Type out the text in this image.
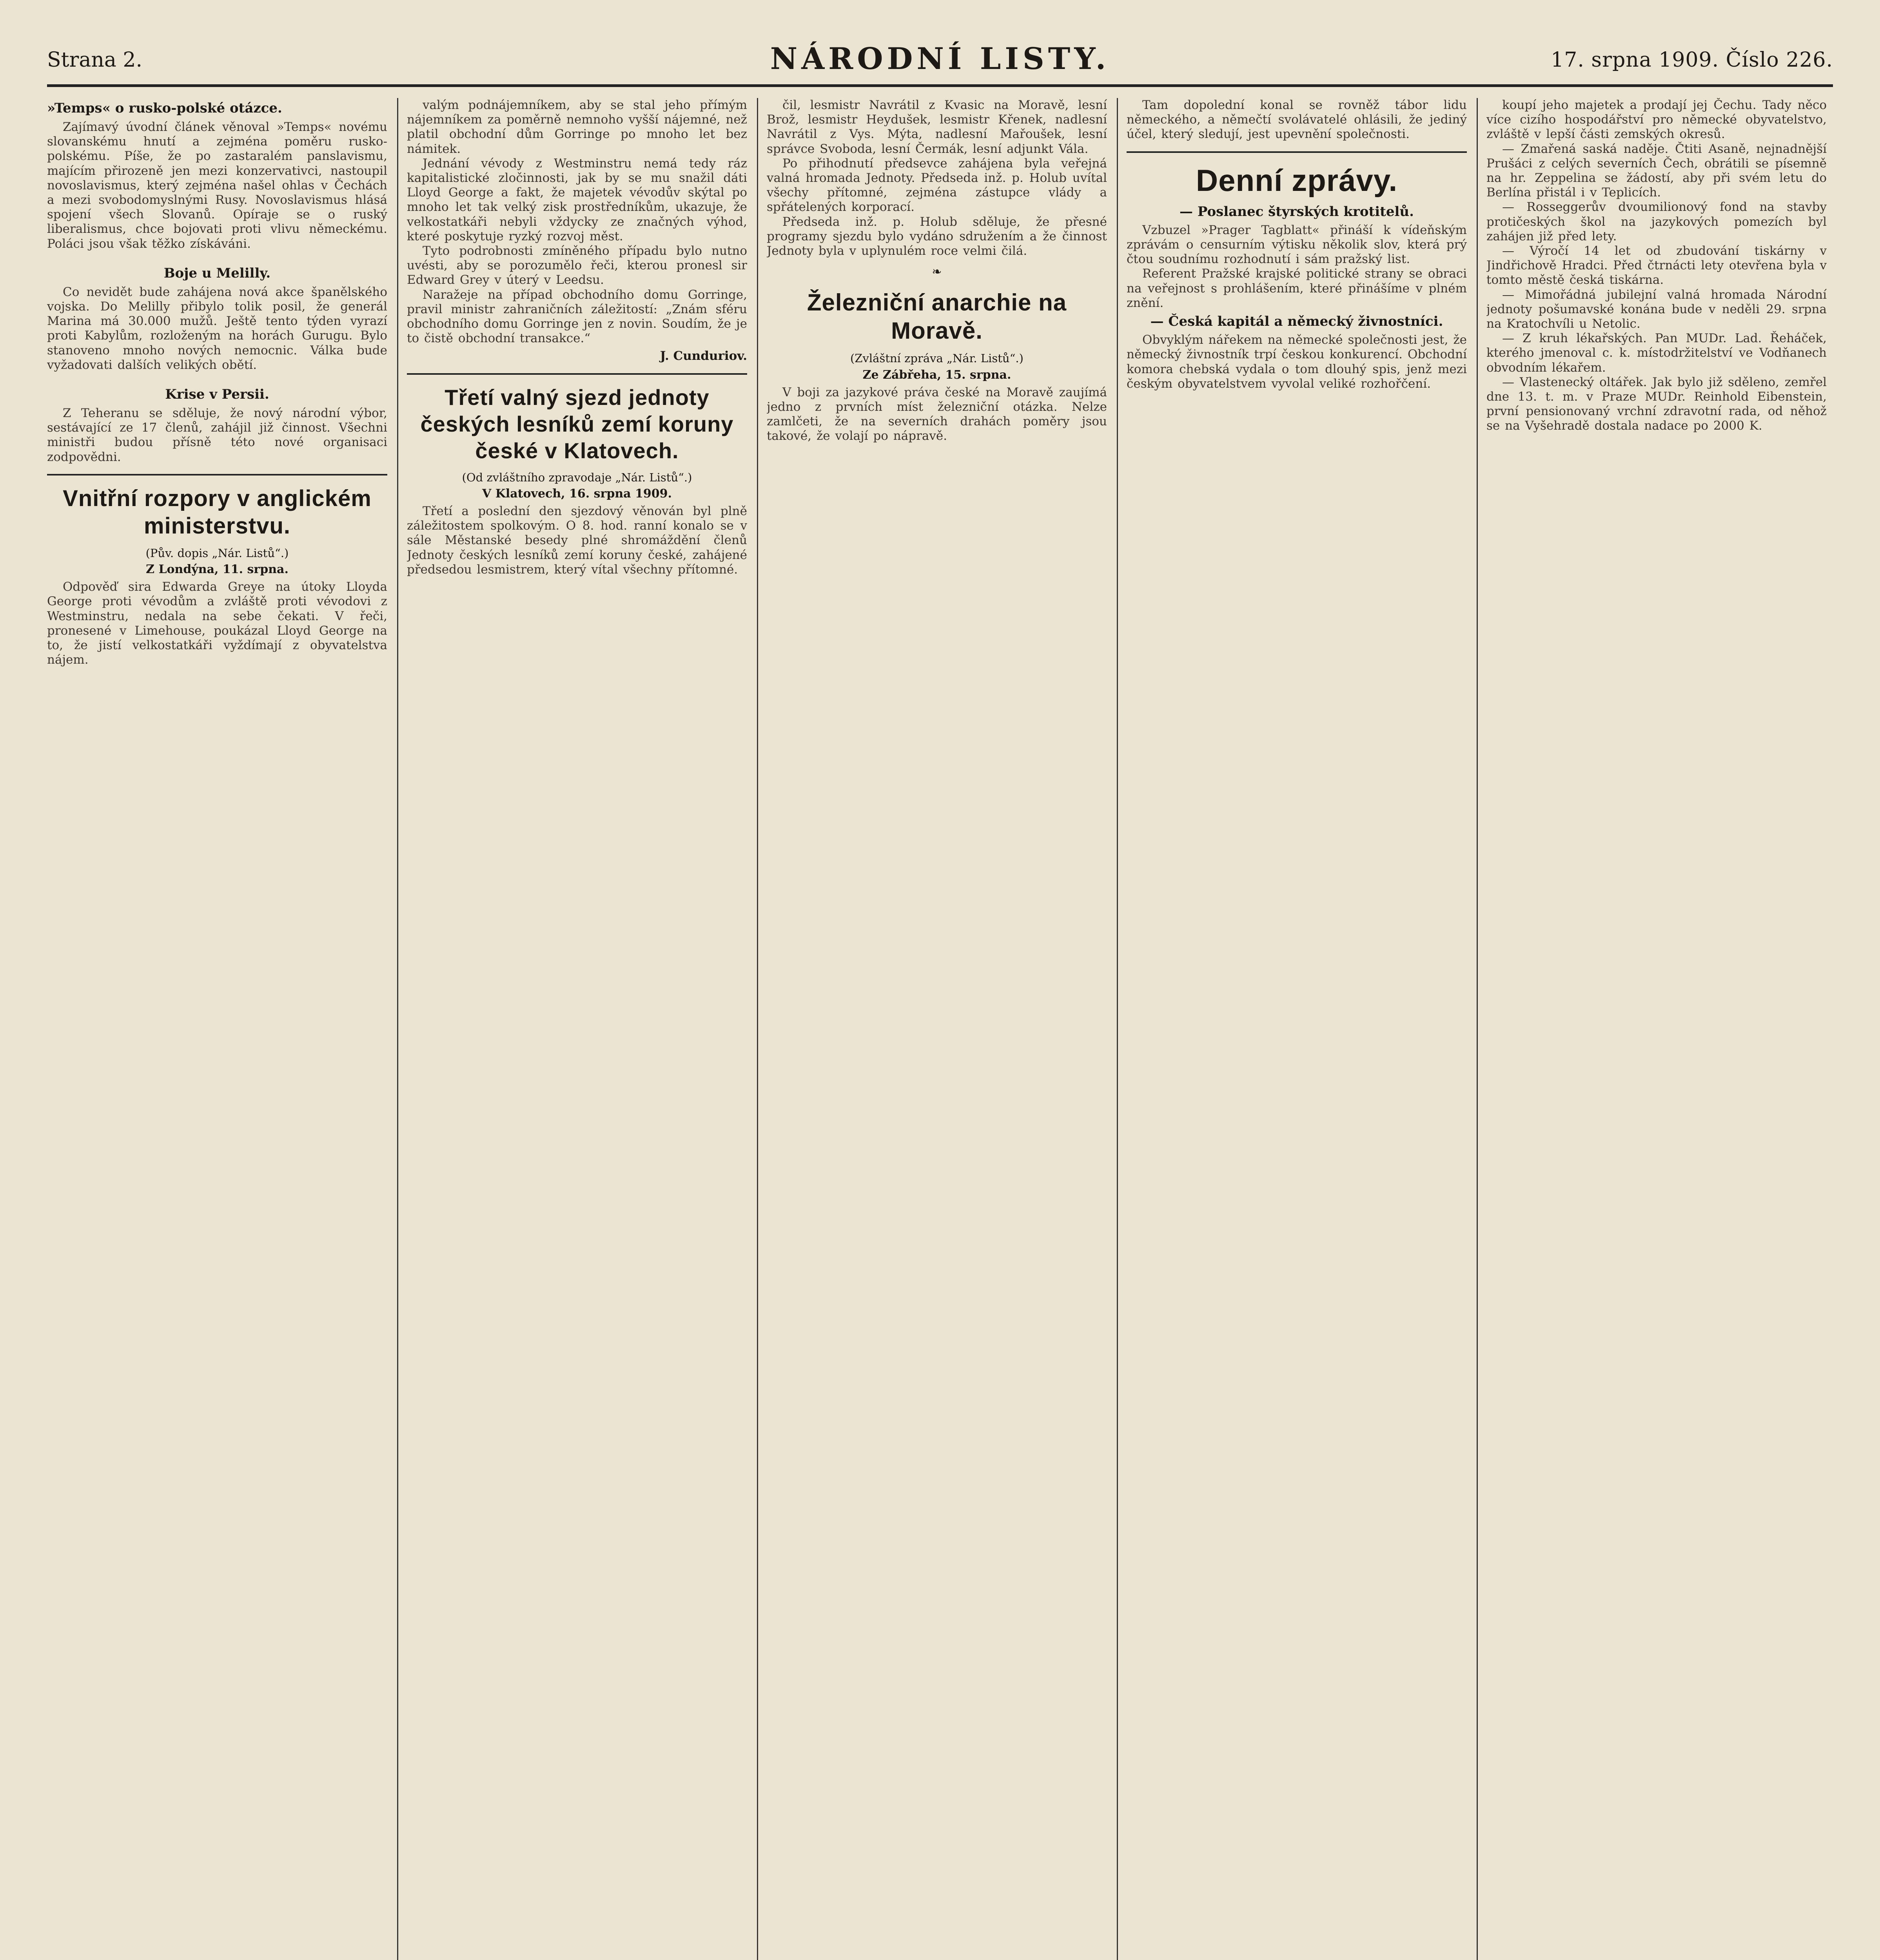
Strana 2.	NÁRODNÍ LISTY.	17. srpna 1909. Číslo 226.
»Temps« o rusko-polské otázce.

Zajímavý úvodní článek věnoval »Temps« novému slovanskému hnutí a zejména poměru rusko-polskému. Píše, že po zastaralém panslavismu, majícím přirozeně jen mezi konzervativci, nastoupil novoslavismus, který zejména našel ohlas v Čechách a mezi svobodomyslnými Rusy. Novoslavismus hlásá spojení všech Slovanů. Opíraje se o ruský liberalismus, chce bojovati proti vlivu německému. Poláci jsou však těžko získáváni.

Boje u Melilly.

Co nevidět bude zahájena nová akce španělského vojska. Do Melilly přibylo tolik posil, že generál Marina má 30.000 mužů. Ještě tento týden vyrazí proti Kabylům, rozloženým na horách Gurugu. Bylo stanoveno mnoho nových nemocnic. Válka bude vyžadovati dalších velikých obětí.

Krise v Persii.

Z Teheranu se sděluje, že nový národní výbor, sestávající ze 17 členů, zahájil již činnost. Všechni ministři budou přísně této nové organisaci zodpovědni.

Vnitřní rozpory v anglickém ministerstvu.
(Pův. dopis „Nár. Listů“.)
Z Londýna, 11. srpna.

Odpověď sira Edwarda Greye na útoky Lloyda George proti vévodům a zvláště proti vévodovi z Westminstru, nedala na sebe čekati. V řeči, pronesené v Limehouse, poukázal Lloyd George na to, že jistí velkostatkáři vyždímají z obyvatelstva nájem.

valým podnájemníkem, aby se stal jeho přímým nájemníkem za poměrně nemnoho vyšší nájemné, než platil obchodní dům Gorringe po mnoho let bez námitek.

Jednání vévody z Westminstru nemá tedy ráz kapitalistické zločinnosti, jak by se mu snažil dáti Lloyd George a fakt, že majetek vévodův skýtal po mnoho let tak velký zisk prostředníkům, ukazuje, že velkostatkáři nebyli vždycky ze značných výhod, které poskytuje ryzký rozvoj měst.

Tyto podrobnosti zmíněného případu bylo nutno uvésti, aby se porozumělo řeči, kterou pronesl sir Edward Grey v úterý v Leedsu.

Naražeje na případ obchodního domu Gorringe, pravil ministr zahraničních záležitostí: „Znám sféru obchodního domu Gorringe jen z novin. Soudím, že je to čistě obchodní transakce.“

J. Cunduriov.
Třetí valný sjezd jednoty českých lesníků zemí koruny české v Klatovech.
(Od zvláštního zpravodaje „Nár. Listů“.)
V Klatovech, 16. srpna 1909.

Třetí a poslední den sjezdový věnován byl plně záležitostem spolkovým. O 8. hod. ranní konalo se v sále Městanské besedy plné shromáždění členů Jednoty českých lesníků zemí koruny české, zahájené předsedou lesmistrem, který vítal všechny přítomné.

čil, lesmistr Navrátil z Kvasic na Moravě, lesní Brož, lesmistr Heydušek, lesmistr Křenek, nadlesní Navrátil z Vys. Mýta, nadlesní Mařoušek, lesní správce Svoboda, lesní Čermák, lesní adjunkt Vála.

Po přihodnutí předsevce zahájena byla veřejná valná hromada Jednoty. Předseda inž. p. Holub uvítal všechy přítomné, zejména zástupce vlády a spřátelených korporací.

Předseda inž. p. Holub sděluje, že přesné programy sjezdu bylo vydáno sdružením a že činnost Jednoty byla v uplynulém roce velmi čilá.

❧
Železniční anarchie na Moravě.
(Zvláštní zpráva „Nár. Listů“.)
Ze Zábřeha, 15. srpna.

V boji za jazykové práva české na Moravě zaujímá jedno z prvních míst železniční otázka. Nelze zamlčeti, že na severních drahách poměry jsou takové, že volají po nápravě.

Tam dopolední konal se rovněž tábor lidu německého, a němečtí svolávatelé ohlásili, že jediný účel, který sledují, jest upevnění společnosti.

Denní zprávy.
— Poslanec štyrských krotitelů.

Vzbuzel »Prager Tagblatt« přináší k vídeňským zprávám o censurním výtisku několik slov, která prý čtou soudnímu rozhodnutí i sám pražský list.

Referent Pražské krajské politické strany se obraci na veřejnost s prohlášením, které přinášíme v plném znění.

— Česká kapitál a německý živnostníci.

Obvyklým nářekem na německé společnosti jest, že německý živnostník trpí českou konkurencí. Obchodní komora chebská vydala o tom dlouhý spis, jenž mezi českým obyvatelstvem vyvolal veliké rozhořčení.

koupí jeho majetek a prodají jej Čechu. Tady něco více cizího hospodářství pro německé obyvatelstvo, zvláště v lepší části zemských okresů.

— Zmařená saská naděje. Čtiti Asaně, nejnadnější Prušáci z celých severních Čech, obrátili se písemně na hr. Zeppelina se žádostí, aby při svém letu do Berlína přistál i v Teplicích.

— Rosseggerův dvoumilionový fond na stavby protičeských škol na jazykových pomezích byl zahájen již před lety.

— Výročí 14 let od zbudování tiskárny v Jindřichově Hradci. Před čtrnácti lety otevřena byla v tomto městě česká tiskárna.

— Mimořádná jubilejní valná hromada Národní jednoty pošumavské konána bude v neděli 29. srpna na Kratochvíli u Netolic.

— Z kruh lékařských. Pan MUDr. Lad. Řeháček, kterého jmenoval c. k. místodržitelství ve Vodňanech obvodním lékařem.

— Vlastenecký oltářek. Jak bylo již sděleno, zemřel dne 13. t. m. v Praze MUDr. Reinhold Eibenstein, první pensionovaný vrchní zdravotní rada, od něhož se na Vyšehradě dostala nadace po 2000 K.
